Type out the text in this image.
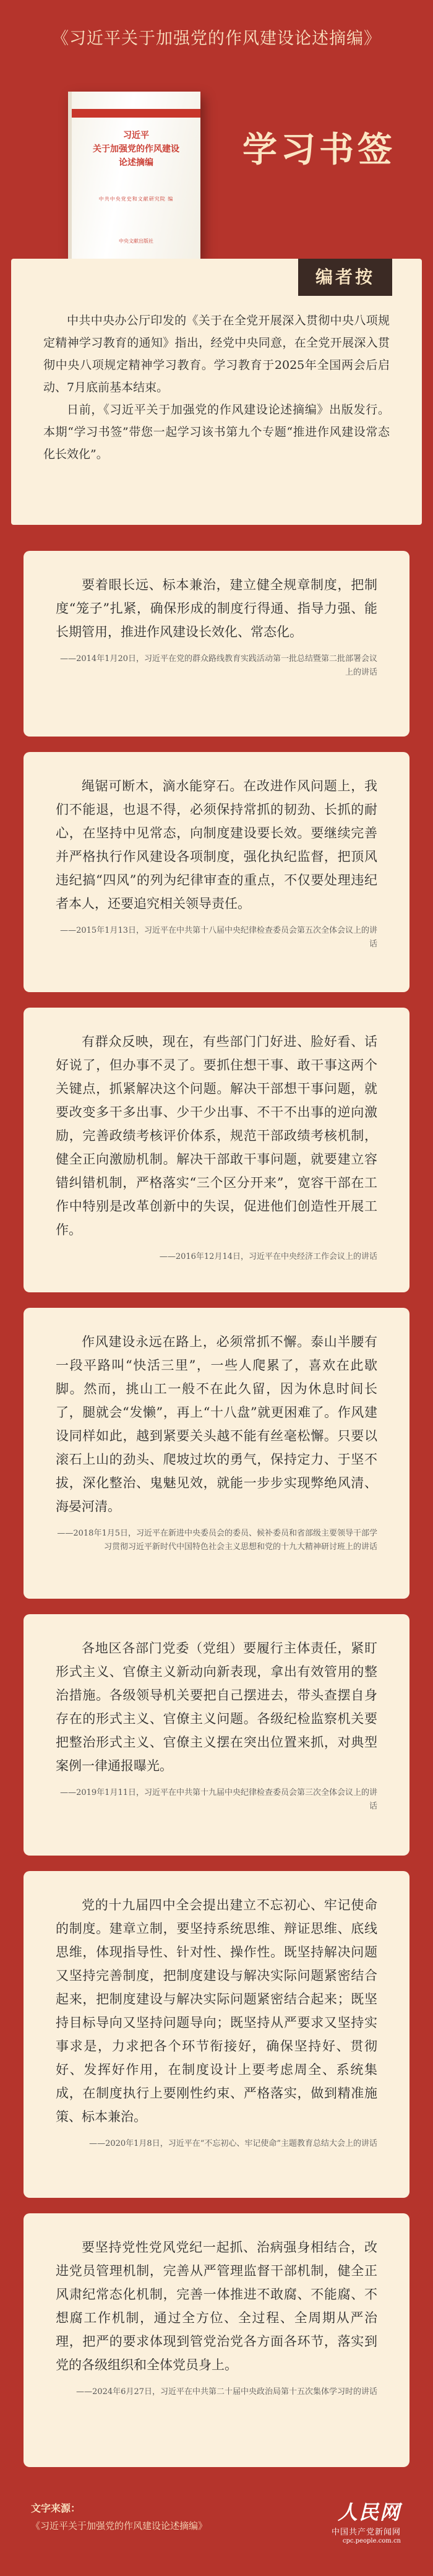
《习近平关于加强党的作风建设论述摘编》
习近平
关于加强党的作风建设
论述摘编
中共中央党史和文献研究院 编
中央文献出版社
学习书签
编者按

中共中央办公厅印发的《关于在全党开展深入贯彻中央八项规定精神学习教育的通知》指出，经党中央同意，在全党开展深入贯彻中央八项规定精神学习教育。学习教育于2025年全国两会后启动、7月底前基本结束。

日前，《习近平关于加强党的作风建设论述摘编》出版发行。本期“学习书签”带您一起学习该书第九个专题“推进作风建设常态化长效化”。

要着眼长远、标本兼治，建立健全规章制度，把制度“笼子”扎紧，确保形成的制度行得通、指导力强、能长期管用，推进作风建设长效化、常态化。
——2014年1月20日，习近平在党的群众路线教育实践活动第一批总结暨第二批部署会议上的讲话
绳锯可断木，滴水能穿石。在改进作风问题上，我们不能退，也退不得，必须保持常抓的韧劲、长抓的耐心，在坚持中见常态，向制度建设要长效。要继续完善并严格执行作风建设各项制度，强化执纪监督，把顶风违纪搞“四风”的列为纪律审查的重点，不仅要处理违纪者本人，还要追究相关领导责任。
——2015年1月13日，习近平在中共第十八届中央纪律检查委员会第五次全体会议上的讲话
有群众反映，现在，有些部门门好进、脸好看、话好说了，但办事不灵了。要抓住想干事、敢干事这两个关键点，抓紧解决这个问题。解决干部想干事问题，就要改变多干多出事、少干少出事、不干不出事的逆向激励，完善政绩考核评价体系，规范干部政绩考核机制，健全正向激励机制。解决干部敢干事问题，就要建立容错纠错机制，严格落实“三个区分开来”，宽容干部在工作中特别是改革创新中的失误，促进他们创造性开展工作。
——2016年12月14日，习近平在中央经济工作会议上的讲话
作风建设永远在路上，必须常抓不懈。泰山半腰有一段平路叫“快活三里”，一些人爬累了，喜欢在此歇脚。然而，挑山工一般不在此久留，因为休息时间长了，腿就会“发懒”，再上“十八盘”就更困难了。作风建设同样如此，越到紧要关头越不能有丝毫松懈。只要以滚石上山的劲头、爬坡过坎的勇气，保持定力、于坚不拔，深化整治、鬼魅见效，就能一步步实现弊绝风清、海晏河清。
——2018年1月5日，习近平在新进中央委员会的委员、候补委员和省部级主要领导干部学习贯彻习近平新时代中国特色社会主义思想和党的十九大精神研讨班上的讲话
各地区各部门党委（党组）要履行主体责任，紧盯形式主义、官僚主义新动向新表现，拿出有效管用的整治措施。各级领导机关要把自己摆进去，带头查摆自身存在的形式主义、官僚主义问题。各级纪检监察机关要把整治形式主义、官僚主义摆在突出位置来抓，对典型案例一律通报曝光。
——2019年1月11日，习近平在中共第十九届中央纪律检查委员会第三次全体会议上的讲话
党的十九届四中全会提出建立不忘初心、牢记使命的制度。建章立制，要坚持系统思维、辩证思维、底线思维，体现指导性、针对性、操作性。既坚持解决问题又坚持完善制度，把制度建设与解决实际问题紧密结合起来，把制度建设与解决实际问题紧密结合起来；既坚持目标导向又坚持问题导向；既坚持从严要求又坚持实事求是，力求把各个环节衔接好，确保坚持好、贯彻好、发挥好作用，在制度设计上要考虑周全、系统集成，在制度执行上要刚性约束、严格落实，做到精准施策、标本兼治。
——2020年1月8日，习近平在“不忘初心、牢记使命”主题教育总结大会上的讲话
要坚持党性党风党纪一起抓、治病强身相结合，改进党员管理机制，完善从严管理监督干部机制，健全正风肃纪常态化机制，完善一体推进不敢腐、不能腐、不想腐工作机制，通过全方位、全过程、全周期从严治理，把严的要求体现到管党治党各方面各环节，落实到党的各级组织和全体党员身上。
——2024年6月27日，习近平在中共第二十届中央政治局第十五次集体学习时的讲话
文字来源：
《习近平关于加强党的作风建设论述摘编》
人民网
中国共产党新闻网
cpc.people.com.cn
